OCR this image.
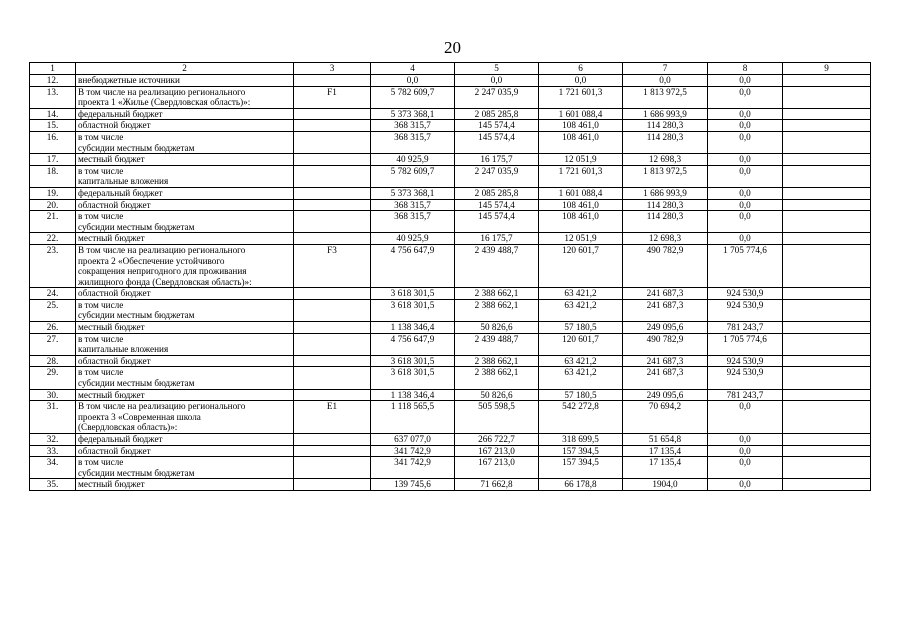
20
1	2	3	4	5	6	7	8	9
12.	внебюджетные источники		0,0	0,0	0,0	0,0	0,0	
13.	В том числе на реализацию регионального
проекта 1 «Жилье (Свердловская область)»:	F1	5 782 609,7	2 247 035,9	1 721 601,3	1 813 972,5	0,0	
14.	федеральный бюджет		5 373 368,1	2 085 285,8	1 601 088,4	1 686 993,9	0,0	
15.	областной бюджет		368 315,7	145 574,4	108 461,0	114 280,3	0,0	
16.	в том числе
субсидии местным бюджетам		368 315,7	145 574,4	108 461,0	114 280,3	0,0	
17.	местный бюджет		40 925,9	16 175,7	12 051,9	12 698,3	0,0	
18.	в том числе
капитальные вложения		5 782 609,7	2 247 035,9	1 721 601,3	1 813 972,5	0,0	
19.	федеральный бюджет		5 373 368,1	2 085 285,8	1 601 088,4	1 686 993,9	0,0	
20.	областной бюджет		368 315,7	145 574,4	108 461,0	114 280,3	0,0	
21.	в том числе
субсидии местным бюджетам		368 315,7	145 574,4	108 461,0	114 280,3	0,0	
22.	местный бюджет		40 925,9	16 175,7	12 051,9	12 698,3	0,0	
23.	В том числе на реализацию регионального
проекта 2 «Обеспечение устойчивого
сокращения непригодного для проживания
жилищного фонда (Свердловская область)»:	F3	4 756 647,9	2 439 488,7	120 601,7	490 782,9	1 705 774,6	
24.	областной бюджет		3 618 301,5	2 388 662,1	63 421,2	241 687,3	924 530,9	
25.	в том числе
субсидии местным бюджетам		3 618 301,5	2 388 662,1	63 421,2	241 687,3	924 530,9	
26.	местный бюджет		1 138 346,4	50 826,6	57 180,5	249 095,6	781 243,7	
27.	в том числе
капитальные вложения		4 756 647,9	2 439 488,7	120 601,7	490 782,9	1 705 774,6	
28.	областной бюджет		3 618 301,5	2 388 662,1	63 421,2	241 687,3	924 530,9	
29.	в том числе
субсидии местным бюджетам		3 618 301,5	2 388 662,1	63 421,2	241 687,3	924 530,9	
30.	местный бюджет		1 138 346,4	50 826,6	57 180,5	249 095,6	781 243,7	
31.	В том числе на реализацию регионального
проекта 3 «Современная школа
(Свердловская область)»:	E1	1 118 565,5	505 598,5	542 272,8	70 694,2	0,0	
32.	федеральный бюджет		637 077,0	266 722,7	318 699,5	51 654,8	0,0	
33.	областной бюджет		341 742,9	167 213,0	157 394,5	17 135,4	0,0	
34.	в том числе
субсидии местным бюджетам		341 742,9	167 213,0	157 394,5	17 135,4	0,0	
35.	местный бюджет		139 745,6	71 662,8	66 178,8	1904,0	0,0	
